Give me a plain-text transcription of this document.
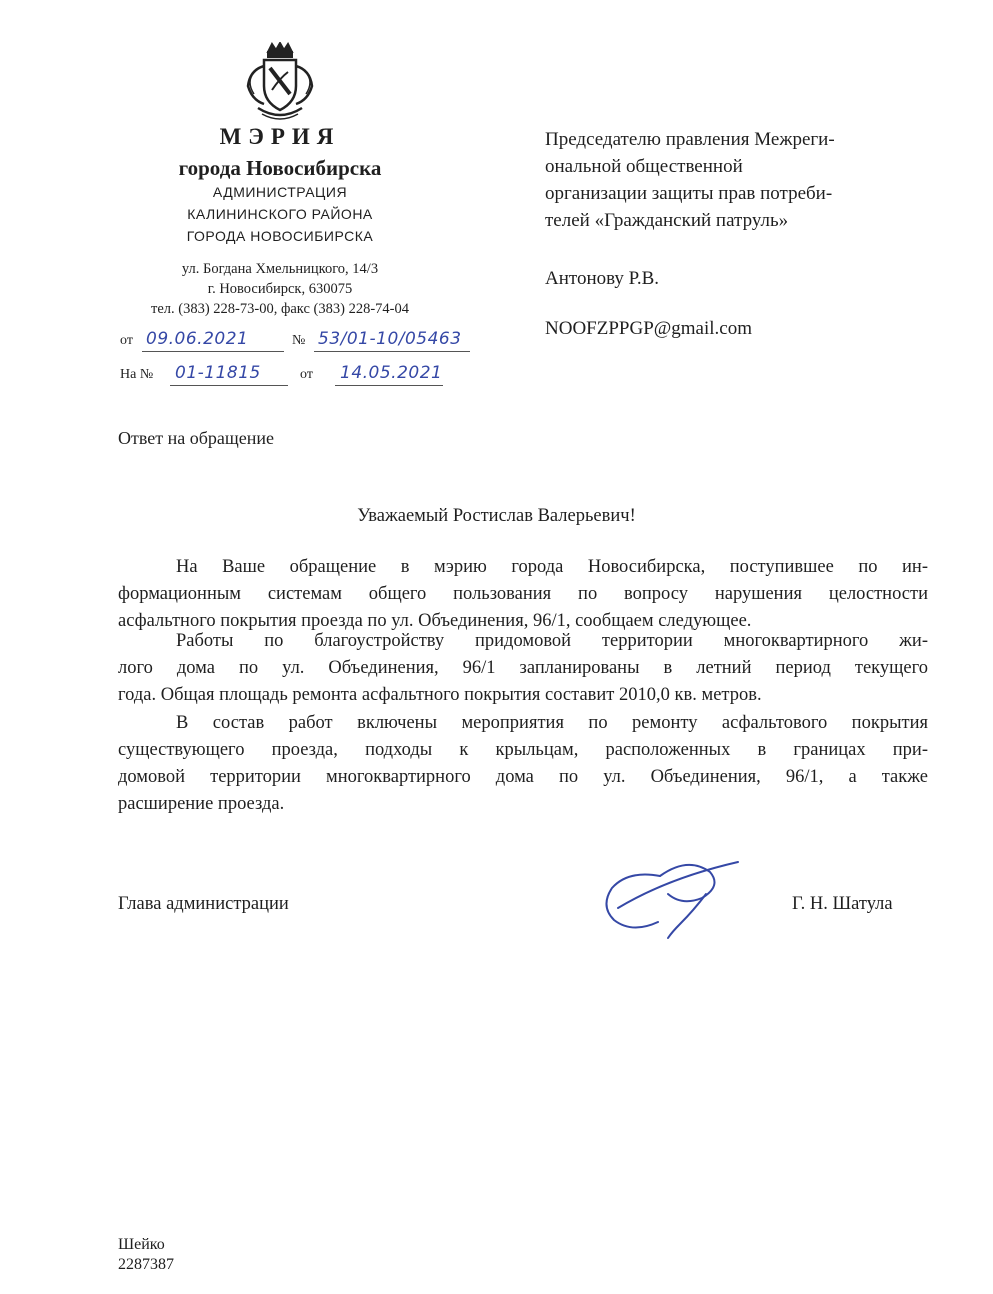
МЭРИЯ
города Новосибирска
АДМИНИСТРАЦИЯ
КАЛИНИНСКОГО РАЙОНА
ГОРОДА НОВОСИБИРСКА
ул. Богдана Хмельницкого, 14/3
г. Новосибирск, 630075
тел. (383) 228-73-00, факс (383) 228-74-04
от 09.06.2021	№ 53/01-10/05463
На № 01-11815	от 14.05.2021
Председателю правления Межреги-
ональной общественной
организации защиты прав потреби-
телей «Гражданский патруль»
Антонову Р.В.
NOOFZPPGP@gmail.com
Ответ на обращение
Уважаемый Ростислав Валерьевич!
На Ваше обращение в мэрию города Новосибирска, поступившее по ин-
формационным системам общего пользования по вопросу нарушения целостности
асфальтного покрытия проезда по ул. Объединения, 96/1, сообщаем следующее.
Работы по благоустройству придомовой территории многоквартирного жи-
лого дома по ул. Объединения, 96/1 запланированы в летний период текущего
года. Общая площадь ремонта асфальтного покрытия составит 2010,0 кв. метров.
В состав работ включены мероприятия по ремонту асфальтового покрытия
существующего проезда, подходы к крыльцам, расположенных в границах при-
домовой территории многоквартирного дома по ул. Объединения, 96/1, а также
расширение проезда.
Глава администрации	Г. Н. Шатула
Шейко
2287387
